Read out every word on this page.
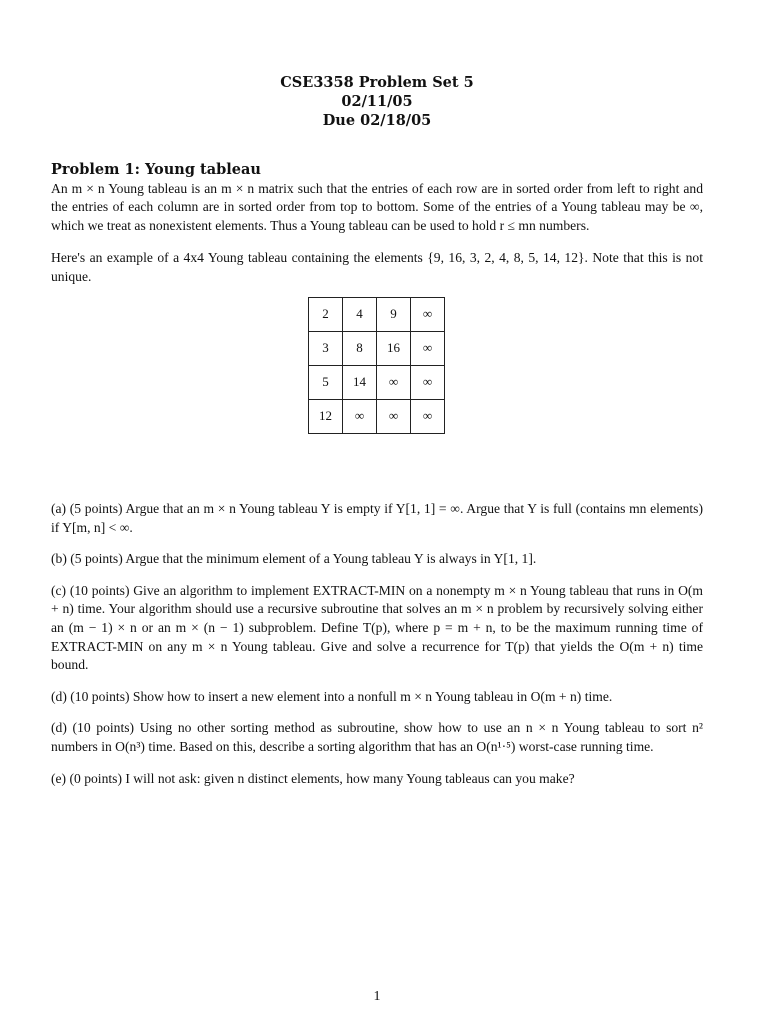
CSE3358 Problem Set 5
02/11/05
Due 02/18/05
Problem 1: Young tableau

An m × n Young tableau is an m × n matrix such that the entries of each row are in sorted order from left to right and the entries of each column are in sorted order from top to bottom. Some of the entries of a Young tableau may be ∞, which we treat as nonexistent elements. Thus a Young tableau can be used to hold r ≤ mn numbers.

Here's an example of a 4x4 Young tableau containing the elements {9, 16, 3, 2, 4, 8, 5, 14, 12}. Note that this is not unique.

2	4	9	∞
3	8	16	∞
5	14	∞	∞
12	∞	∞	∞

(a) (5 points) Argue that an m × n Young tableau Y is empty if Y[1, 1] = ∞. Argue that Y is full (contains mn elements) if Y[m, n] < ∞.

(b) (5 points) Argue that the minimum element of a Young tableau Y is always in Y[1, 1].

(c) (10 points) Give an algorithm to implement EXTRACT-MIN on a nonempty m × n Young tableau that runs in O(m + n) time. Your algorithm should use a recursive subroutine that solves an m × n problem by recursively solving either an (m − 1) × n or an m × (n − 1) subproblem. Define T(p), where p = m + n, to be the maximum running time of EXTRACT-MIN on any m × n Young tableau. Give and solve a recurrence for T(p) that yields the O(m + n) time bound.

(d) (10 points) Show how to insert a new element into a nonfull m × n Young tableau in O(m + n) time.

(d) (10 points) Using no other sorting method as subroutine, show how to use an n × n Young tableau to sort n² numbers in O(n³) time. Based on this, describe a sorting algorithm that has an O(n¹·⁵) worst-case running time.

(e) (0 points) I will not ask: given n distinct elements, how many Young tableaus can you make?

1
